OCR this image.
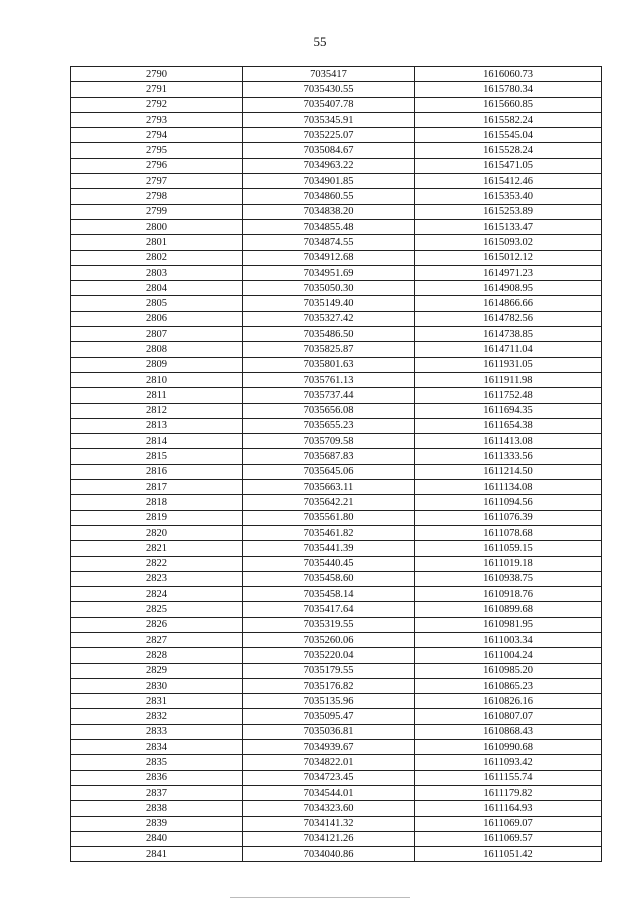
55
2790	7035417	1616060.73
2791	7035430.55	1615780.34
2792	7035407.78	1615660.85
2793	7035345.91	1615582.24
2794	7035225.07	1615545.04
2795	7035084.67	1615528.24
2796	7034963.22	1615471.05
2797	7034901.85	1615412.46
2798	7034860.55	1615353.40
2799	7034838.20	1615253.89
2800	7034855.48	1615133.47
2801	7034874.55	1615093.02
2802	7034912.68	1615012.12
2803	7034951.69	1614971.23
2804	7035050.30	1614908.95
2805	7035149.40	1614866.66
2806	7035327.42	1614782.56
2807	7035486.50	1614738.85
2808	7035825.87	1614711.04
2809	7035801.63	1611931.05
2810	7035761.13	1611911.98
2811	7035737.44	1611752.48
2812	7035656.08	1611694.35
2813	7035655.23	1611654.38
2814	7035709.58	1611413.08
2815	7035687.83	1611333.56
2816	7035645.06	1611214.50
2817	7035663.11	1611134.08
2818	7035642.21	1611094.56
2819	7035561.80	1611076.39
2820	7035461.82	1611078.68
2821	7035441.39	1611059.15
2822	7035440.45	1611019.18
2823	7035458.60	1610938.75
2824	7035458.14	1610918.76
2825	7035417.64	1610899.68
2826	7035319.55	1610981.95
2827	7035260.06	1611003.34
2828	7035220.04	1611004.24
2829	7035179.55	1610985.20
2830	7035176.82	1610865.23
2831	7035135.96	1610826.16
2832	7035095.47	1610807.07
2833	7035036.81	1610868.43
2834	7034939.67	1610990.68
2835	7034822.01	1611093.42
2836	7034723.45	1611155.74
2837	7034544.01	1611179.82
2838	7034323.60	1611164.93
2839	7034141.32	1611069.07
2840	7034121.26	1611069.57
2841	7034040.86	1611051.42
